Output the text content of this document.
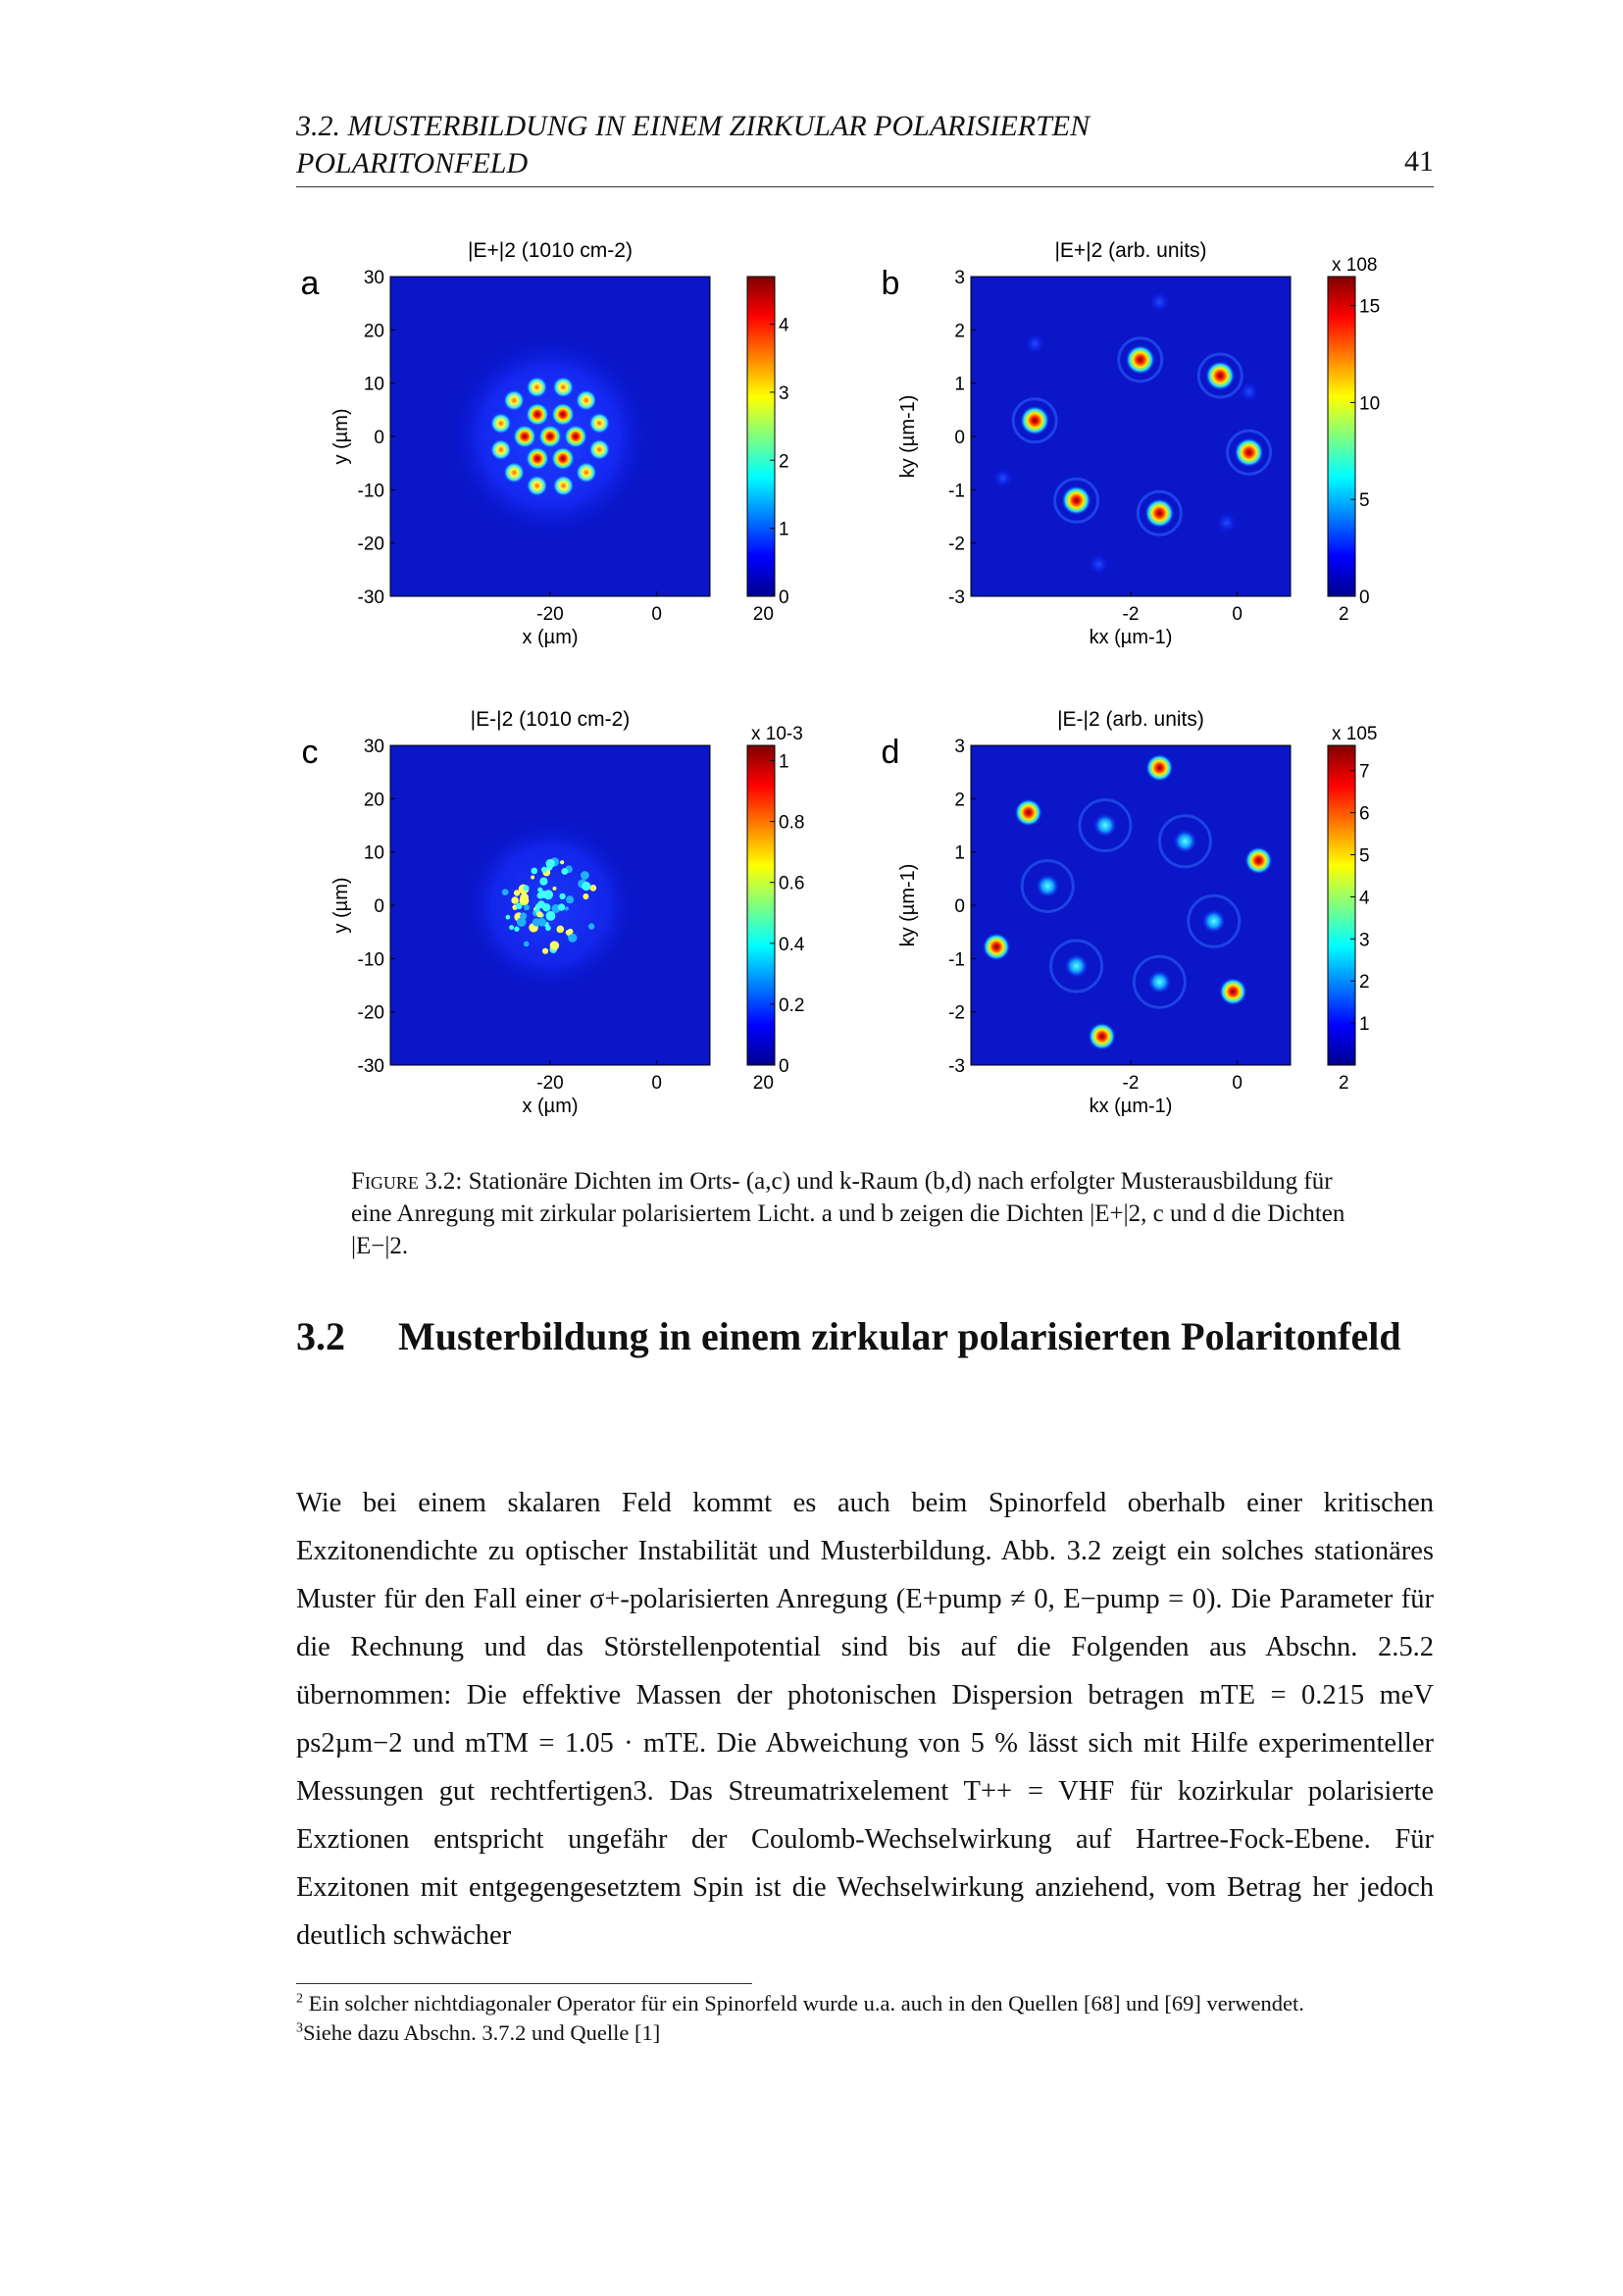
3.2. MUSTERBILDUNG IN EINEM ZIRKULAR POLARISIERTEN POLARITONFELD	41
a
|E+|2 (1010 cm-2)
30
20
10
0
-10
-20
-30
-20	0	20
x (µm)
y (µm)
0
1
2
3
4
b
|E+|2 (arb. units)
3
2
1
0
-1
-2
-3
-2	0	2
kx (µm-1)
ky (µm-1)
0
5
10
15
x 108
c
|E-|2 (1010 cm-2)
30
20
10
0
-10
-20
-30
-20	0	20
x (µm)
y (µm)
0
0.2
0.4
0.6
0.8
1
x 10-3 d
|E-|2 (arb. units)
3
2
1
0
-1
-2
-3
-2	0	2
kx (µm-1)
ky (µm-1)
1
2
3
4
5
6
7
x 105
Figure 3.2: Stationäre Dichten im Orts- (a,c) und k-Raum (b,d) nach erfolgter Musterausbildung für eine Anregung mit zirkular polarisiertem Licht. a und b zeigen die Dichten |E+|2, c und d die Dichten |E−|2.
3.2 Musterbildung in einem zirkular polarisierten Polaritonfeld

Wie bei einem skalaren Feld kommt es auch beim Spinorfeld oberhalb einer kritischen Exzitonendichte zu optischer Instabilität und Musterbildung. Abb. 3.2 zeigt ein solches stationäres Muster für den Fall einer σ+-polarisierten Anregung (E+pump ≠ 0, E−pump = 0). Die Parameter für die Rechnung und das Störstellenpotential sind bis auf die Folgenden aus Abschn. 2.5.2 übernommen: Die effektive Massen der photonischen Dispersion betragen mTE = 0.215 meV ps2µm−2 und mTM = 1.05 · mTE. Die Abweichung von 5 % lässt sich mit Hilfe experimenteller Messungen gut rechtfertigen3. Das Streumatrixelement T++ = VHF für kozirkular polarisierte Exztionen entspricht ungefähr der Coulomb-Wechselwirkung auf Hartree-Fock-Ebene. Für Exzitonen mit entgegengesetztem Spin ist die Wechselwirkung anziehend, vom Betrag her jedoch deutlich schwächer

$^2$ Ein solcher nichtdiagonaler Operator für ein Spinorfeld wurde u.a. auch in den Quellen [68] und [69] verwendet.

$^3$Siehe dazu Abschn. 3.7.2 und Quelle [1]
